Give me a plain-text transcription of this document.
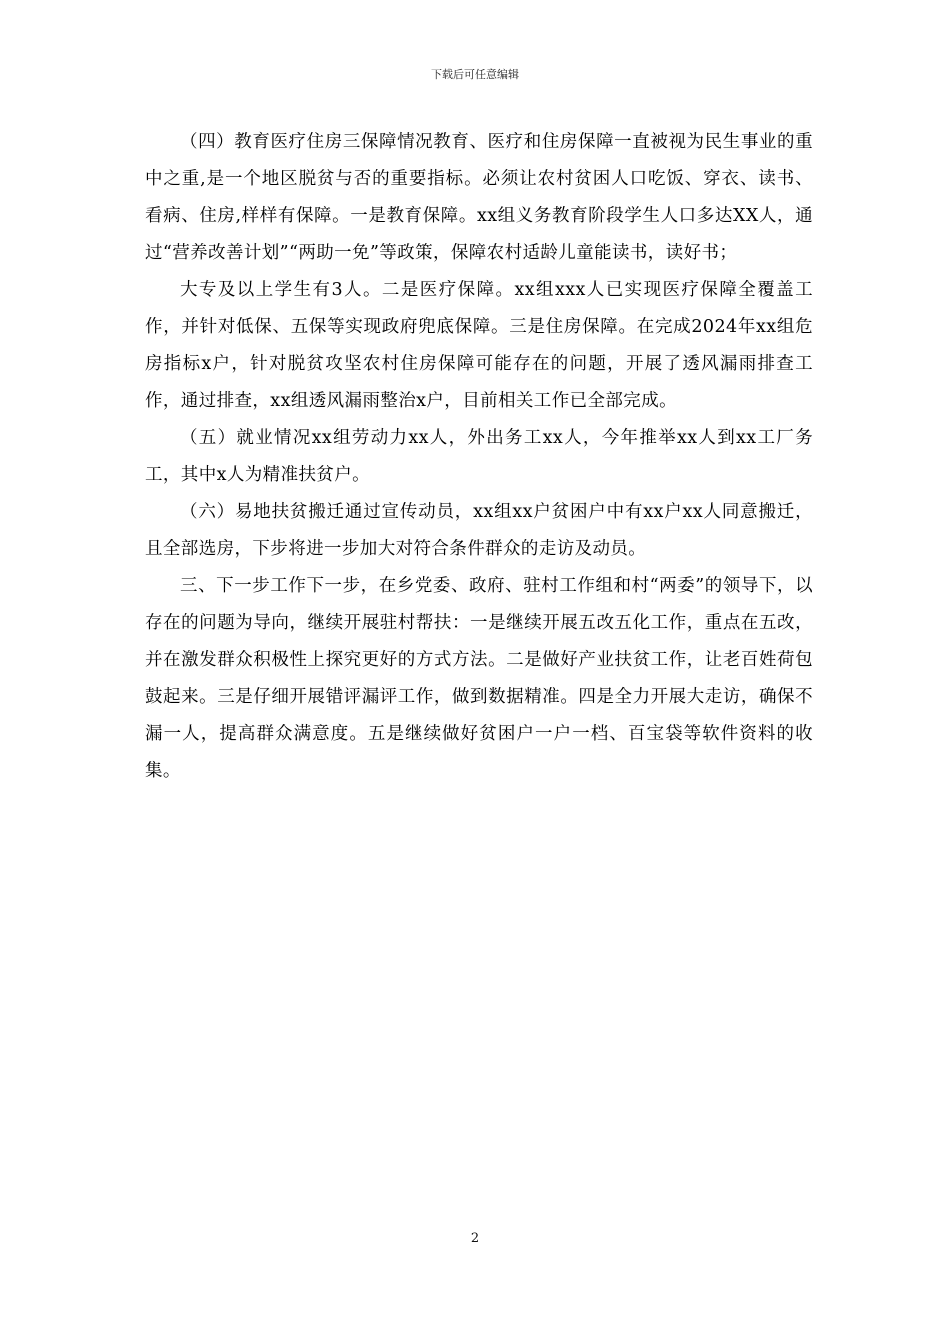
下载后可任意编辑

（四）教育医疗住房三保障情况教育、医疗和住房保障一直被视为民生事业的重中之重,是一个地区脱贫与否的重要指标。必须让农村贫困人口吃饭、穿衣、读书、看病、住房,样样有保障。一是教育保障。xx组义务教育阶段学生人口多达XX人，通过“营养改善计划”“两助一免”等政策，保障农村适龄儿童能读书，读好书；

大专及以上学生有3人。二是医疗保障。xx组xxx人已实现医疗保障全覆盖工作，并针对低保、五保等实现政府兜底保障。三是住房保障。在完成2024年xx组危房指标x户，针对脱贫攻坚农村住房保障可能存在的问题，开展了透风漏雨排查工作，通过排查，xx组透风漏雨整治x户，目前相关工作已全部完成。

（五）就业情况xx组劳动力xx人，外出务工xx人，今年推举xx人到xx工厂务工，其中x人为精准扶贫户。

（六）易地扶贫搬迁通过宣传动员，xx组xx户贫困户中有xx户xx人同意搬迁，且全部选房，下步将进一步加大对符合条件群众的走访及动员。

三、下一步工作下一步，在乡党委、政府、驻村工作组和村“两委”的领导下，以存在的问题为导向，继续开展驻村帮扶：一是继续开展五改五化工作，重点在五改，并在激发群众积极性上探究更好的方式方法。二是做好产业扶贫工作，让老百姓荷包鼓起来。三是仔细开展错评漏评工作，做到数据精准。四是全力开展大走访，确保不漏一人，提高群众满意度。五是继续做好贫困户一户一档、百宝袋等软件资料的收集。

2
